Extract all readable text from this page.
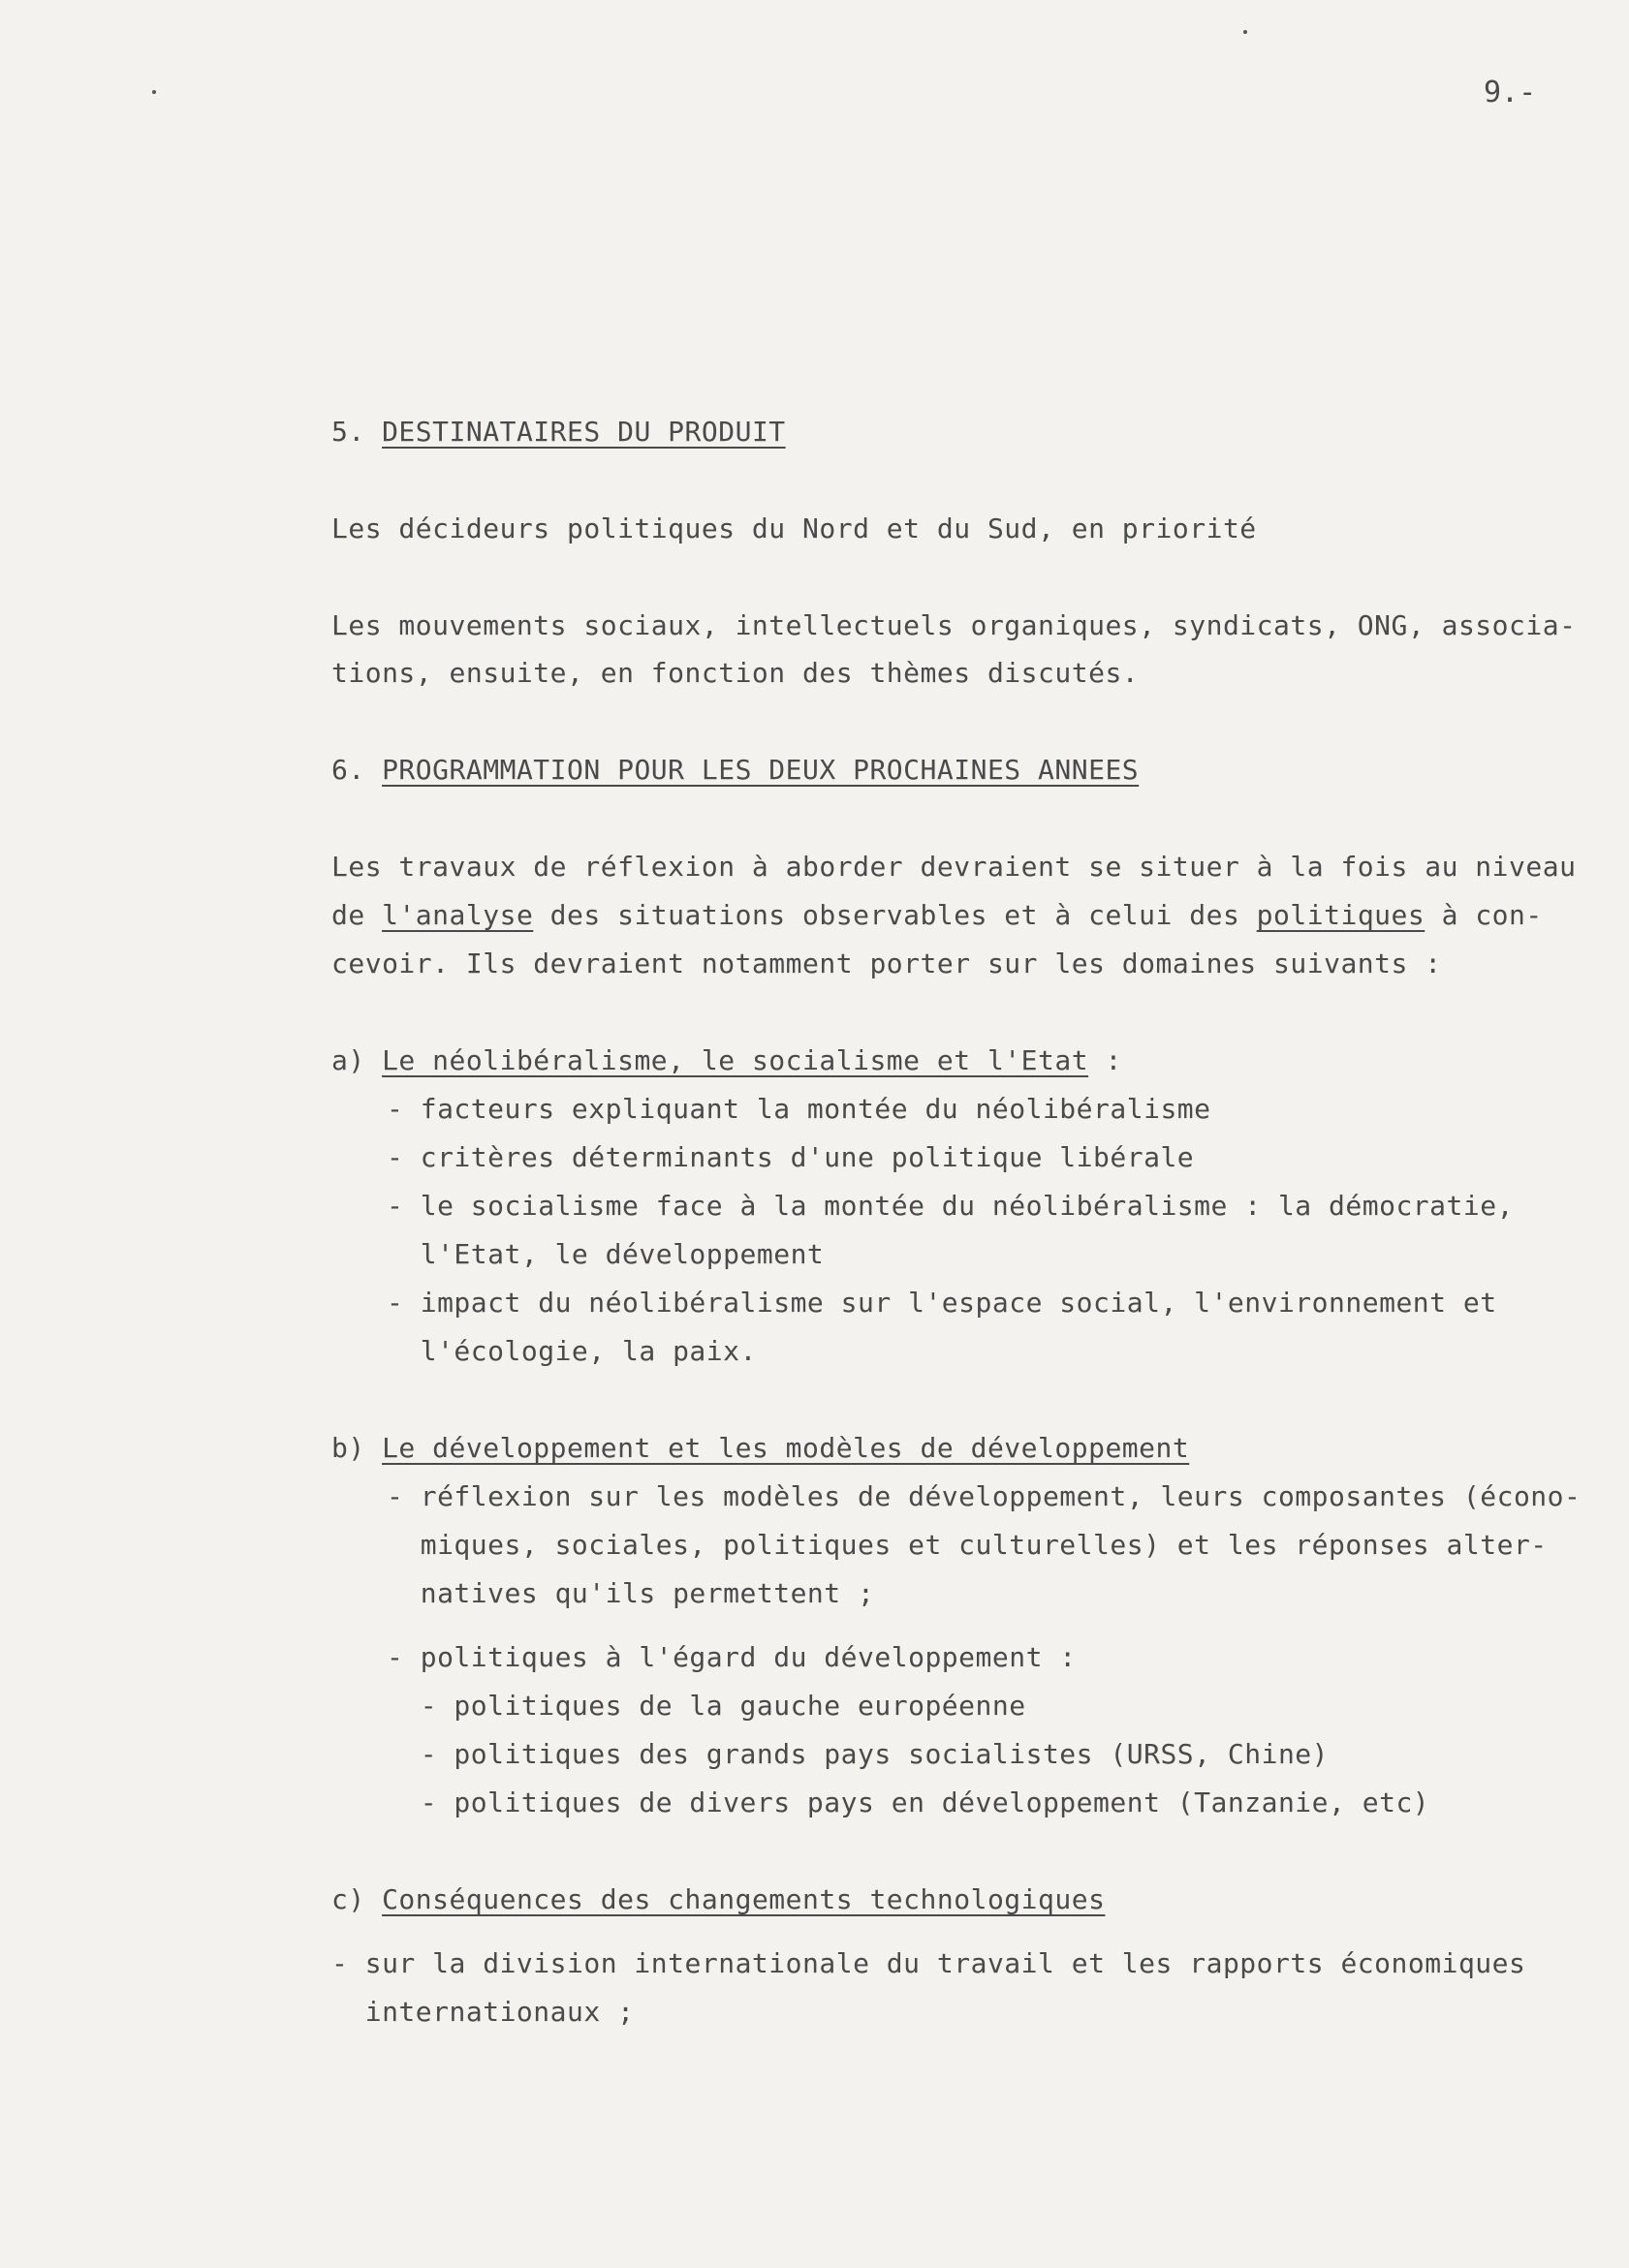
9.-
5. DESTINATAIRES DU PRODUIT
Les décideurs politiques du Nord et du Sud, en priorité
Les mouvements sociaux, intellectuels organiques, syndicats, ONG, associa-
tions, ensuite, en fonction des thèmes discutés.
6. PROGRAMMATION POUR LES DEUX PROCHAINES ANNEES
Les travaux de réflexion à aborder devraient se situer à la fois au niveau
de l'analyse des situations observables et à celui des politiques à con-
cevoir. Ils devraient notamment porter sur les domaines suivants :
a) Le néolibéralisme, le socialisme et l'Etat :
- facteurs expliquant la montée du néolibéralisme
- critères déterminants d'une politique libérale
- le socialisme face à la montée du néolibéralisme : la démocratie,
l'Etat, le développement
- impact du néolibéralisme sur l'espace social, l'environnement et
l'écologie, la paix.
b) Le développement et les modèles de développement
- réflexion sur les modèles de développement, leurs composantes (écono-
miques, sociales, politiques et culturelles) et les réponses alter-
natives qu'ils permettent ;
- politiques à l'égard du développement :
- politiques de la gauche européenne
- politiques des grands pays socialistes (URSS, Chine)
- politiques de divers pays en développement (Tanzanie, etc)
c) Conséquences des changements technologiques
- sur la division internationale du travail et les rapports économiques
internationaux ;
